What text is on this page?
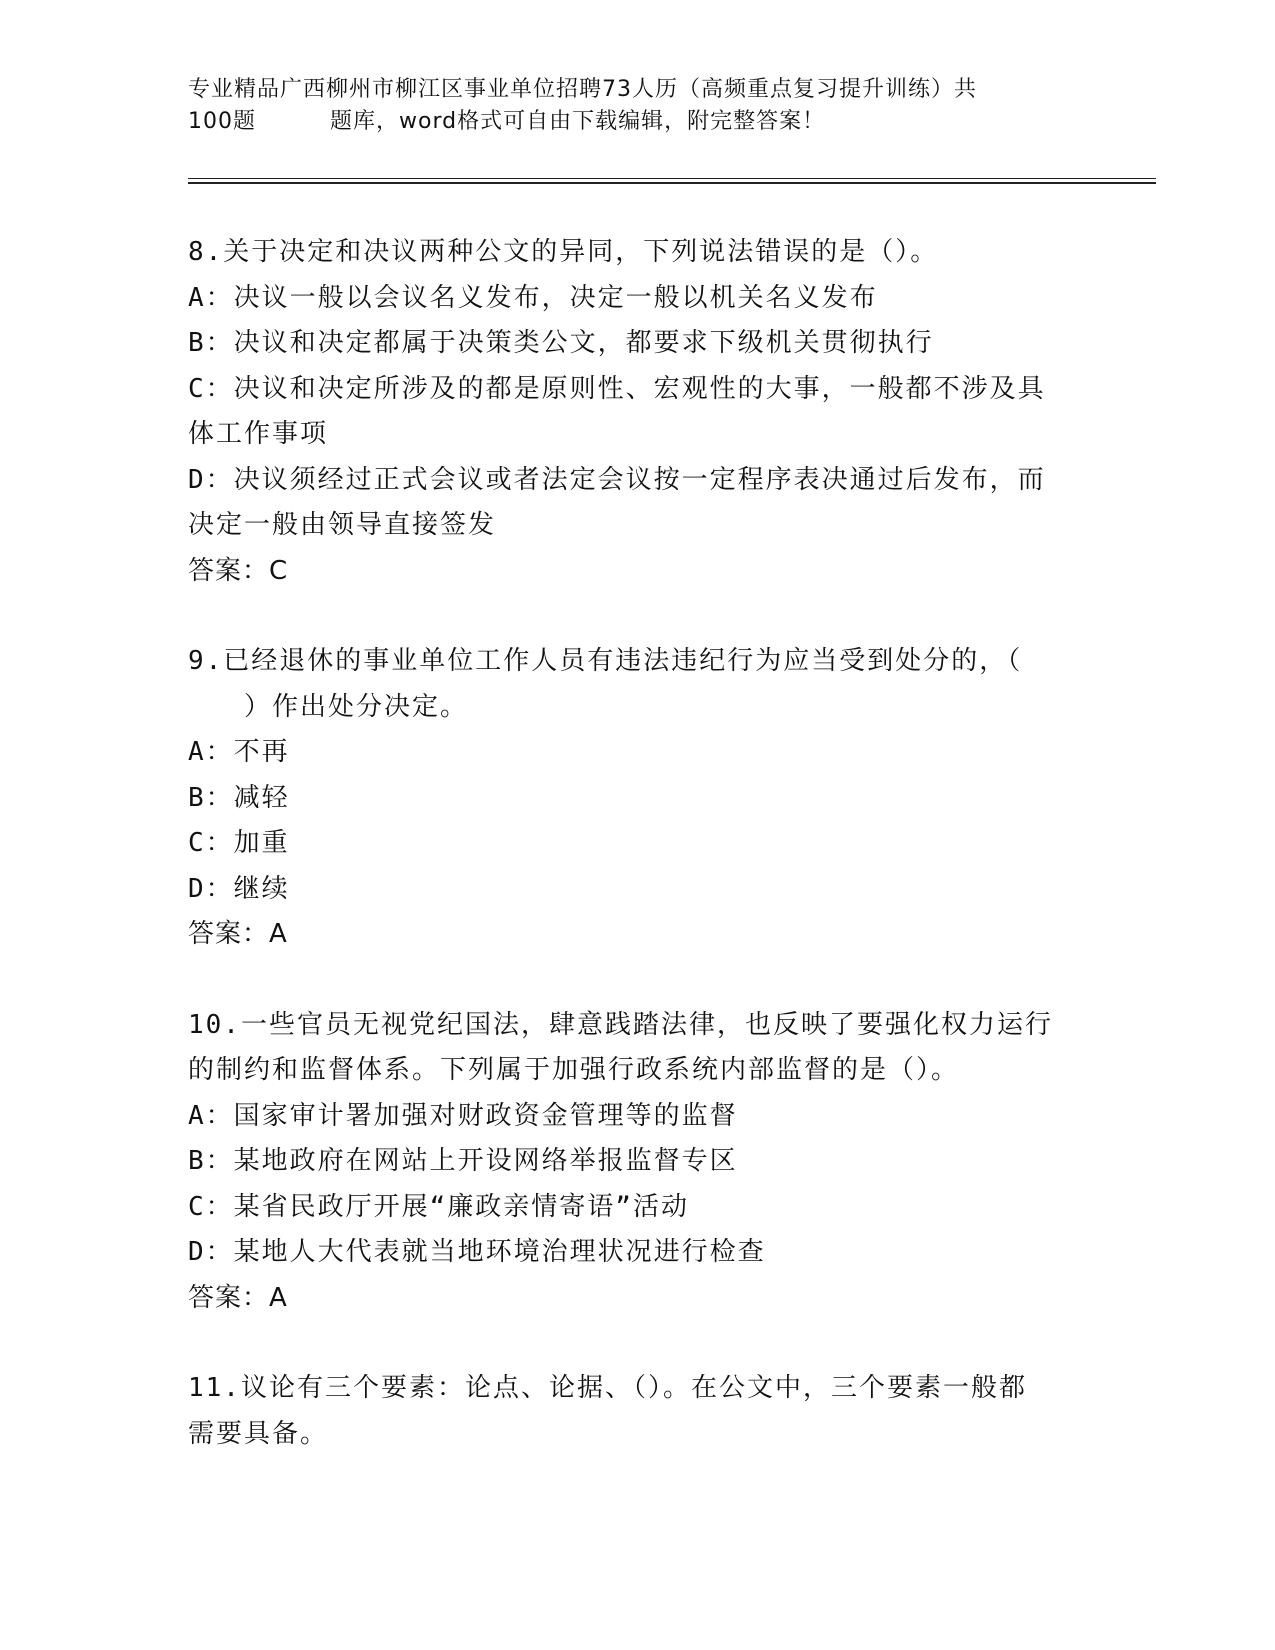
专业精品广西柳州市柳江区事业单位招聘73人历（高频重点复习提升训练）共
100题	题库，word格式可自由下载编辑，附完整答案！

8.关于决定和决议两种公文的异同，下列说法错误的是（）。

A：决议一般以会议名义发布，决定一般以机关名义发布

B：决议和决定都属于决策类公文，都要求下级机关贯彻执行

C：决议和决定所涉及的都是原则性、宏观性的大事，一般都不涉及具

体工作事项

D：决议须经过正式会议或者法定会议按一定程序表决通过后发布，而

决定一般由领导直接签发

答案：C

9.已经退休的事业单位工作人员有违法违纪行为应当受到处分的，（

）作出处分决定。

A：不再

B：减轻

C：加重

D：继续

答案：A

10.一些官员无视党纪国法，肆意践踏法律，也反映了要强化权力运行

的制约和监督体系。下列属于加强行政系统内部监督的是（）。

A：国家审计署加强对财政资金管理等的监督

B：某地政府在网站上开设网络举报监督专区

C：某省民政厅开展“廉政亲情寄语”活动

D：某地人大代表就当地环境治理状况进行检查

答案：A

11.议论有三个要素：论点、论据、（）。在公文中，三个要素一般都

需要具备。
